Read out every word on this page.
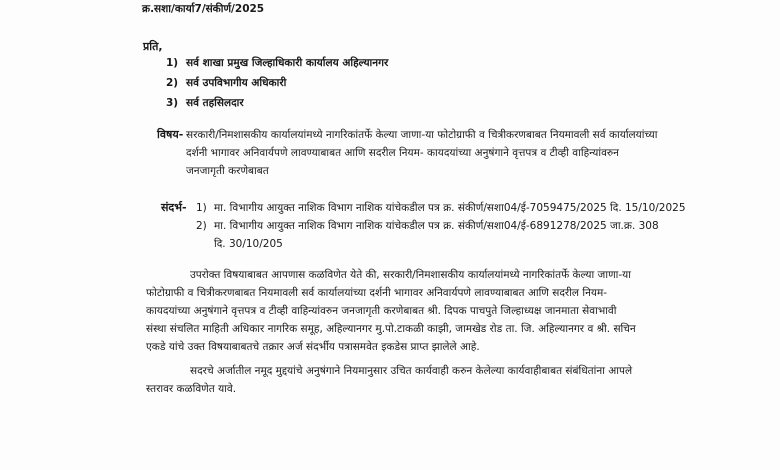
क्र.सशा/कार्या7/संकीर्ण/2025
प्रति,
1) सर्व शाखा प्रमुख जिल्हाधिकारी कार्यालय अहिल्यानगर
2) सर्व उपविभागीय अधिकारी
3) सर्व तहसिलदार
विषय- सरकारी/निमशासकीय कार्यालयांमध्ये नागरिकांतर्फे केल्या जाणा-या फोटोग्राफी व चित्रीकरणबाबत नियमावली सर्व कार्यालयांच्या
दर्शनी भागावर अनिवार्यपणे लावण्याबाबत आणि सदरील नियम- कायदयांच्या अनुषंगाने वृत्तपत्र व टीव्ही वाहिन्यांवरुन
जनजागृती करणेबाबत
संदर्भ- 1) मा. विभागीय आयुक्त नाशिक विभाग नाशिक यांचेकडील पत्र क्र. संकीर्ण/सशा04/ई-7059475/2025 दि. 15/10/2025
2) मा. विभागीय आयुक्त नाशिक विभाग नाशिक यांचेकडील पत्र क्र. संकीर्ण/सशा04/ई-6891278/2025 जा.क्र. 308
दि. 30/10/205
उपरोक्त विषयाबाबत आपणास कळविणेत येते की, सरकारी/निमशासकीय कार्यालयांमध्ये नागरिकांतर्फे केल्या जाणा-या
फोटोग्राफी व चित्रीकरणबाबत नियमावली सर्व कार्यालयांच्या दर्शनी भागावर अनिवार्यपणे लावण्याबाबत आणि सदरील नियम-
कायदयांच्या अनुषंगाने वृत्तपत्र व टीव्ही वाहिन्यांवरुन जनजागृती करणेबाबत श्री. दिपक पाचपुते जिल्हाध्यक्ष जानमाता सेवाभावी
संस्था संचलित माहिती अधिकार नागरिक समूह, अहिल्यानगर मु.पो.टाकळी काझी, जामखेड रोड ता. जि. अहिल्यानगर व श्री. सचिन
एकडे यांचे उक्त विषयाबाबतचे तक्रार अर्ज संदर्भीय पत्रासमवेत इकडेस प्राप्त झालेले आहे.
सदरचे अर्जातील नमूद मुद्दयांचे अनुषंगाने नियमानुसार उचित कार्यवाही करुन केलेल्या कार्यवाहीबाबत संबंधितांना आपले
स्तरावर कळविणेत यावे.
